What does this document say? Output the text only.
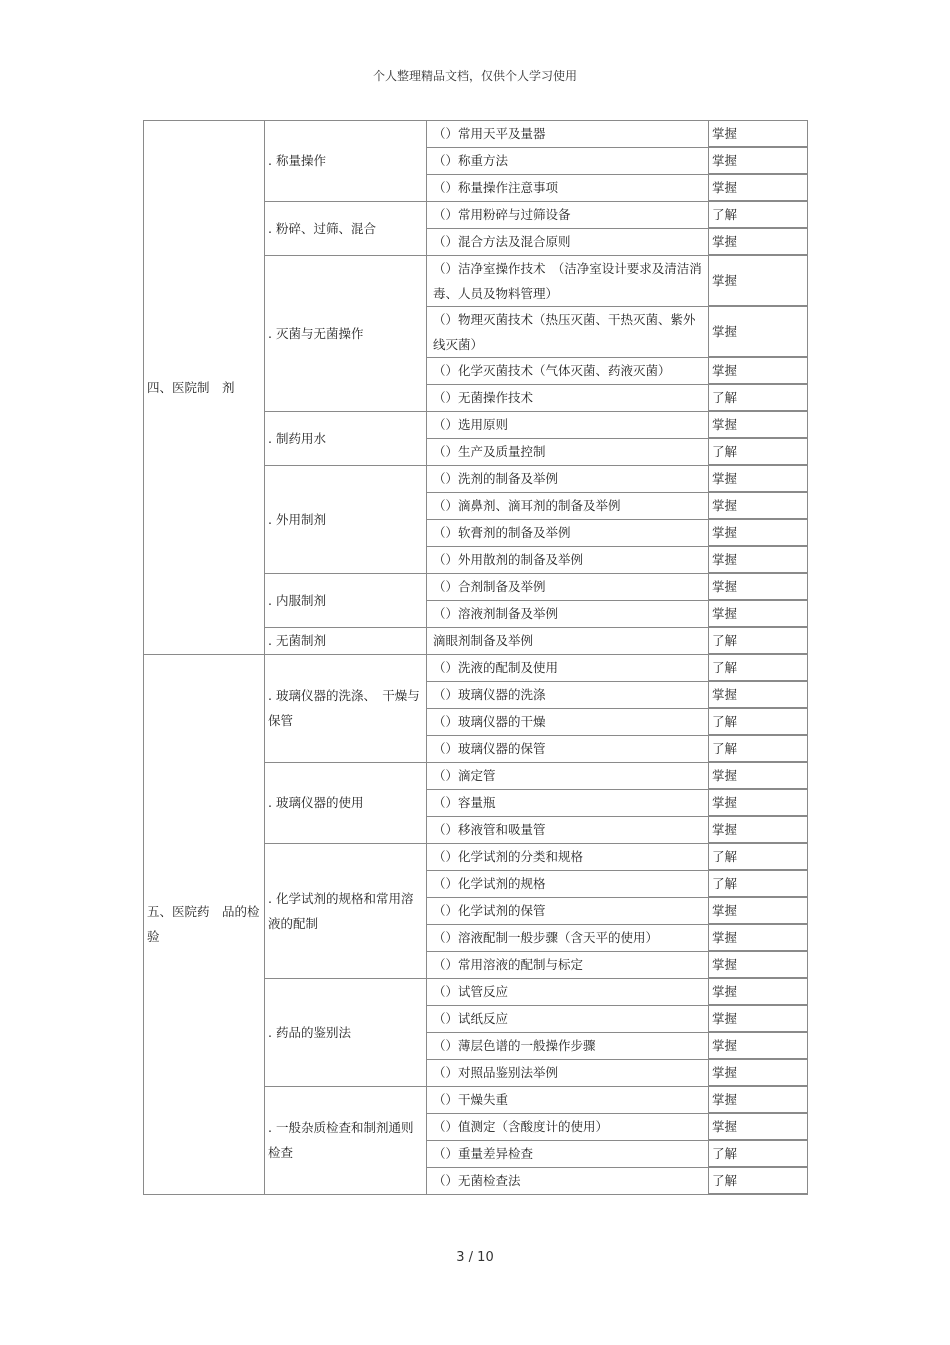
个人整理精品文档，仅供个人学习使用
四、医院制　剂	. 称量操作	（）常用天平及量器	掌握
		（）称重方法	掌握
		（）称量操作注意事项	掌握
	. 粉碎、过筛、混合	（）常用粉碎与过筛设备	了解
		（）混合方法及混合原则	掌握
	. 灭菌与无菌操作	（）洁净室操作技术　（洁净室设计要求及清洁消毒、人员及物料管理）	掌握
		（）物理灭菌技术（热压灭菌、干热灭菌、紫外线灭菌）	掌握
		（）化学灭菌技术（气体灭菌、药液灭菌）	掌握
		（）无菌操作技术	了解
	. 制药用水	（）选用原则	掌握
		（）生产及质量控制	了解
	. 外用制剂	（）洗剂的制备及举例	掌握
		（）滴鼻剂、滴耳剂的制备及举例	掌握
		（）软膏剂的制备及举例	掌握
		（）外用散剂的制备及举例	掌握
	. 内服制剂	（）合剂制备及举例	掌握
		（）溶液剂制备及举例	掌握
	. 无菌制剂	滴眼剂制备及举例	了解
五、医院药　品的检验	. 玻璃仪器的洗涤、　干燥与保管	（）洗液的配制及使用	了解
		（）玻璃仪器的洗涤	掌握
		（）玻璃仪器的干燥	了解
		（）玻璃仪器的保管	了解
	. 玻璃仪器的使用	（）滴定管	掌握
		（）容量瓶	掌握
		（）移液管和吸量管	掌握
	. 化学试剂的规格和常用溶液的配制	（）化学试剂的分类和规格	了解
		（）化学试剂的规格	了解
		（）化学试剂的保管	掌握
		（）溶液配制一般步骤（含天平的使用）	掌握
		（）常用溶液的配制与标定	掌握
	. 药品的鉴别法	（）试管反应	掌握
		（）试纸反应	掌握
		（）薄层色谱的一般操作步骤	掌握
		（）对照品鉴别法举例	掌握
	. 一般杂质检查和制剂通则检查	（）干燥失重	掌握
		（）值测定（含酸度计的使用）	掌握
		（）重量差异检查	了解
		（）无菌检查法	了解
3 / 10
